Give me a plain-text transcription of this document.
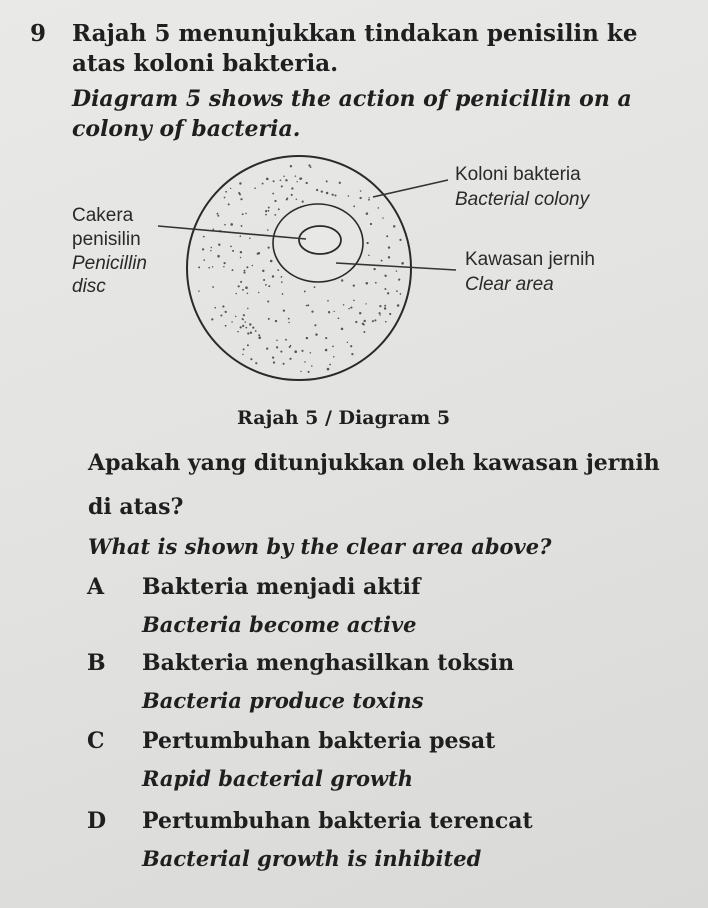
9 Rajah 5 menunjukkan tindakan penisilin ke
atas koloni bakteria.
Diagram 5 shows the action of penicillin on a
colony of bacteria.
Cakera
penisilin
Penicillin
disc
Koloni bakteria
Bacterial colony
Kawasan jernih
Clear area
Rajah 5 / Diagram 5
Apakah yang ditunjukkan oleh kawasan jernih
di atas?
What is shown by the clear area above?
A Bakteria menjadi aktif
Bacteria become active
B Bakteria menghasilkan toksin
Bacteria produce toxins
C Pertumbuhan bakteria pesat
Rapid bacterial growth
D Pertumbuhan bakteria terencat
Bacterial growth is inhibited
